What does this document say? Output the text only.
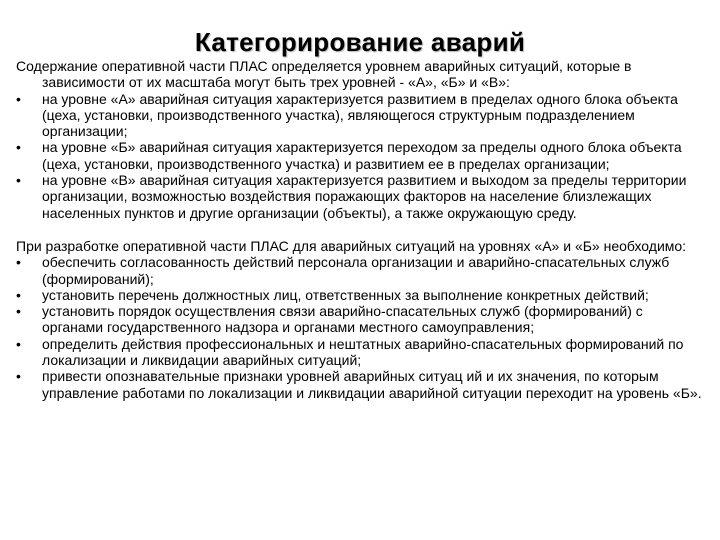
Категорирование аварий

Содержание оперативной части ПЛАС определяется уровнем аварийных ситуаций, которые в зависимости от их масштаба могут быть трех уровней - «А», «Б» и «В»:

•	на уровне «А» аварийная ситуация характеризуется развитием в пределах одного блока объекта (цеха, установки, производственного участка), являющегося структурным подразделением организации;
•	на уровне «Б» аварийная ситуация характеризуется переходом за пределы одного блока объекта (цеха, установки, производственного участка) и развитием ее в пределах организации;
•	на уровне «В» аварийная ситуация характеризуется развитием и выходом за пределы территории организации, возможностью воздействия поражающих факторов на население близлежащих населенных пунктов и другие организации (объекты), а также окружающую среду.

При разработке оперативной части ПЛАС для аварийных ситуаций на уровнях «А» и «Б» необходимо:

•	обеспечить согласованность действий персонала организации и аварийно-спасательных служб (формирований);
•	установить перечень должностных лиц, ответственных за выполнение конкретных действий;
•	установить порядок осуществления связи аварийно-спасательных служб (формирований) с органами государственного надзора и органами местного самоуправления;
•	определить действия профессиональных и нештатных аварийно-спасательных формирований по локализации и ликвидации аварийных ситуаций;
•	привести опознавательные признаки уровней аварийных ситуац ий и их значения, по которым управление работами по локализации и ликвидации аварийной ситуации переходит на уровень «Б».
